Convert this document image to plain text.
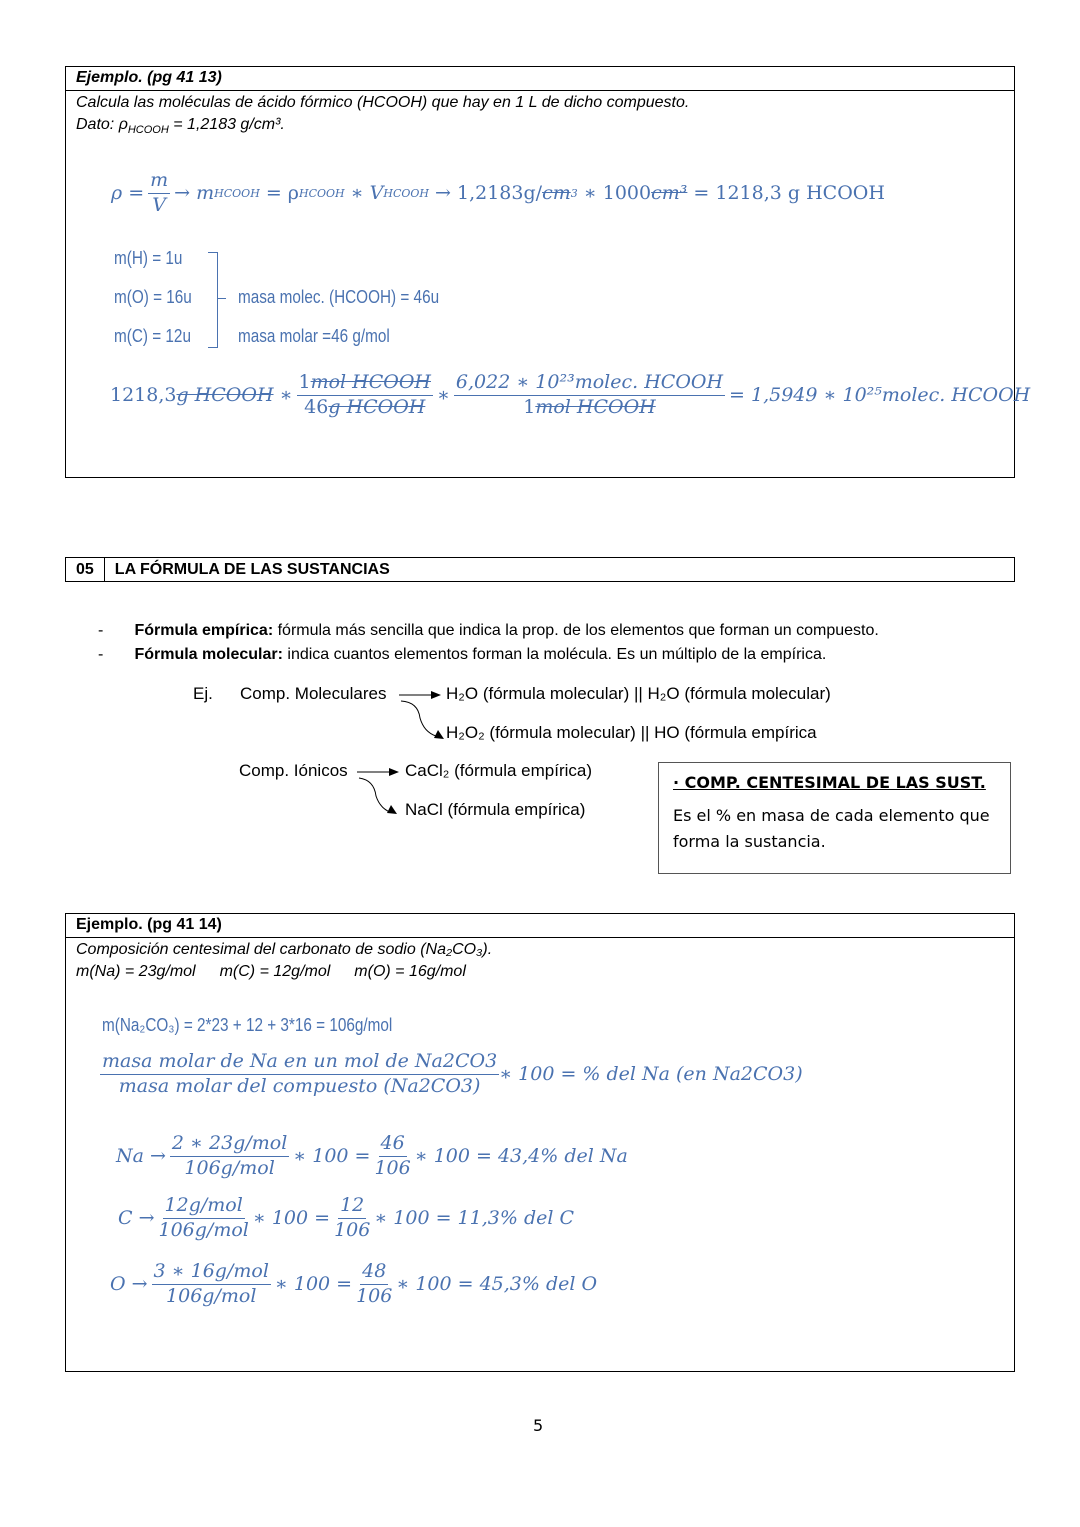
Ejemplo. (pg 41 13)
Calcula las moléculas de ácido fórmico (HCOOH) que hay en 1 L de dicho compuesto.
Dato: $\rho_{HCOOH} = 1,2183$ g/cm³.
$\rho = \frac{m}{V} \to m$ HCOOH
= ρ HCOOH
∗ V HCOOH
→ 1,2183g/ cm 3
∗ 1000 cm³
= 1218,3 g HCOOH
m(H) = 1u
m(O) = 16u
m(C) = 12u
masa molec. (HCOOH) = 46u
masa molar =46 g/mol
1218,3 g HCOOH
∗ $\frac{\text{1mol HCOOH}}{\text{46g HCOOH}}$ ∗ $\frac{\text{6,022 ∗ 10²³molec. HCOOH}}{\text{1mol HCOOH}} = 1,5949$ ∗ 10²⁵molec. HCOOH
05	LA FÓRMULA DE LAS SUSTANCIAS
-       Fórmula empírica: fórmula más sencilla que indica la prop. de los elementos que forman un compuesto.
-       Fórmula molecular: indica cuantos elementos forman la molécula. Es un múltiplo de la empírica.
Ej. Comp. Moleculares	H₂O (fórmula molecular) || H₂O (fórmula molecular)
H₂O₂ (fórmula molecular) || HO (fórmula empírica
Comp. Iónicos	CaCl₂ (fórmula empírica)
NaCl (fórmula empírica)
· COMP. CENTESIMAL DE LAS SUST.
Es el % en masa de cada elemento que forma la sustancia.
Ejemplo. (pg 41 14)
Composición centesimal del carbonato de sodio (Na₂CO₃).
m(Na) = 23g/mol m(C) = 12g/mol m(O) = 16g/mol
m(Na₂CO₃) = 2*23 + 12 + 3*16 = 106g/mol
$\frac{\text{masa molar de Na en un mol de Na2CO3}}{\text{masa molar del compuesto (Na2CO3)}}$ ∗ 100 = % del Na (en Na2CO3)
$Na \to \frac{\text{2 ∗ 23g/mol}}{\text{106g/mol}}$ ∗ $100 = \frac{46}{106}$ ∗ 100 = 43,4% del Na
$C \to \frac{\text{12g/mol}}{\text{106g/mol}}$ ∗ $100 = \frac{12}{106}$ ∗ 100 = 11,3% del C
$O \to \frac{\text{3 ∗ 16g/mol}}{\text{106g/mol}}$ ∗ $100 = \frac{48}{106}$ ∗ 100 = 45,3% del O
5
